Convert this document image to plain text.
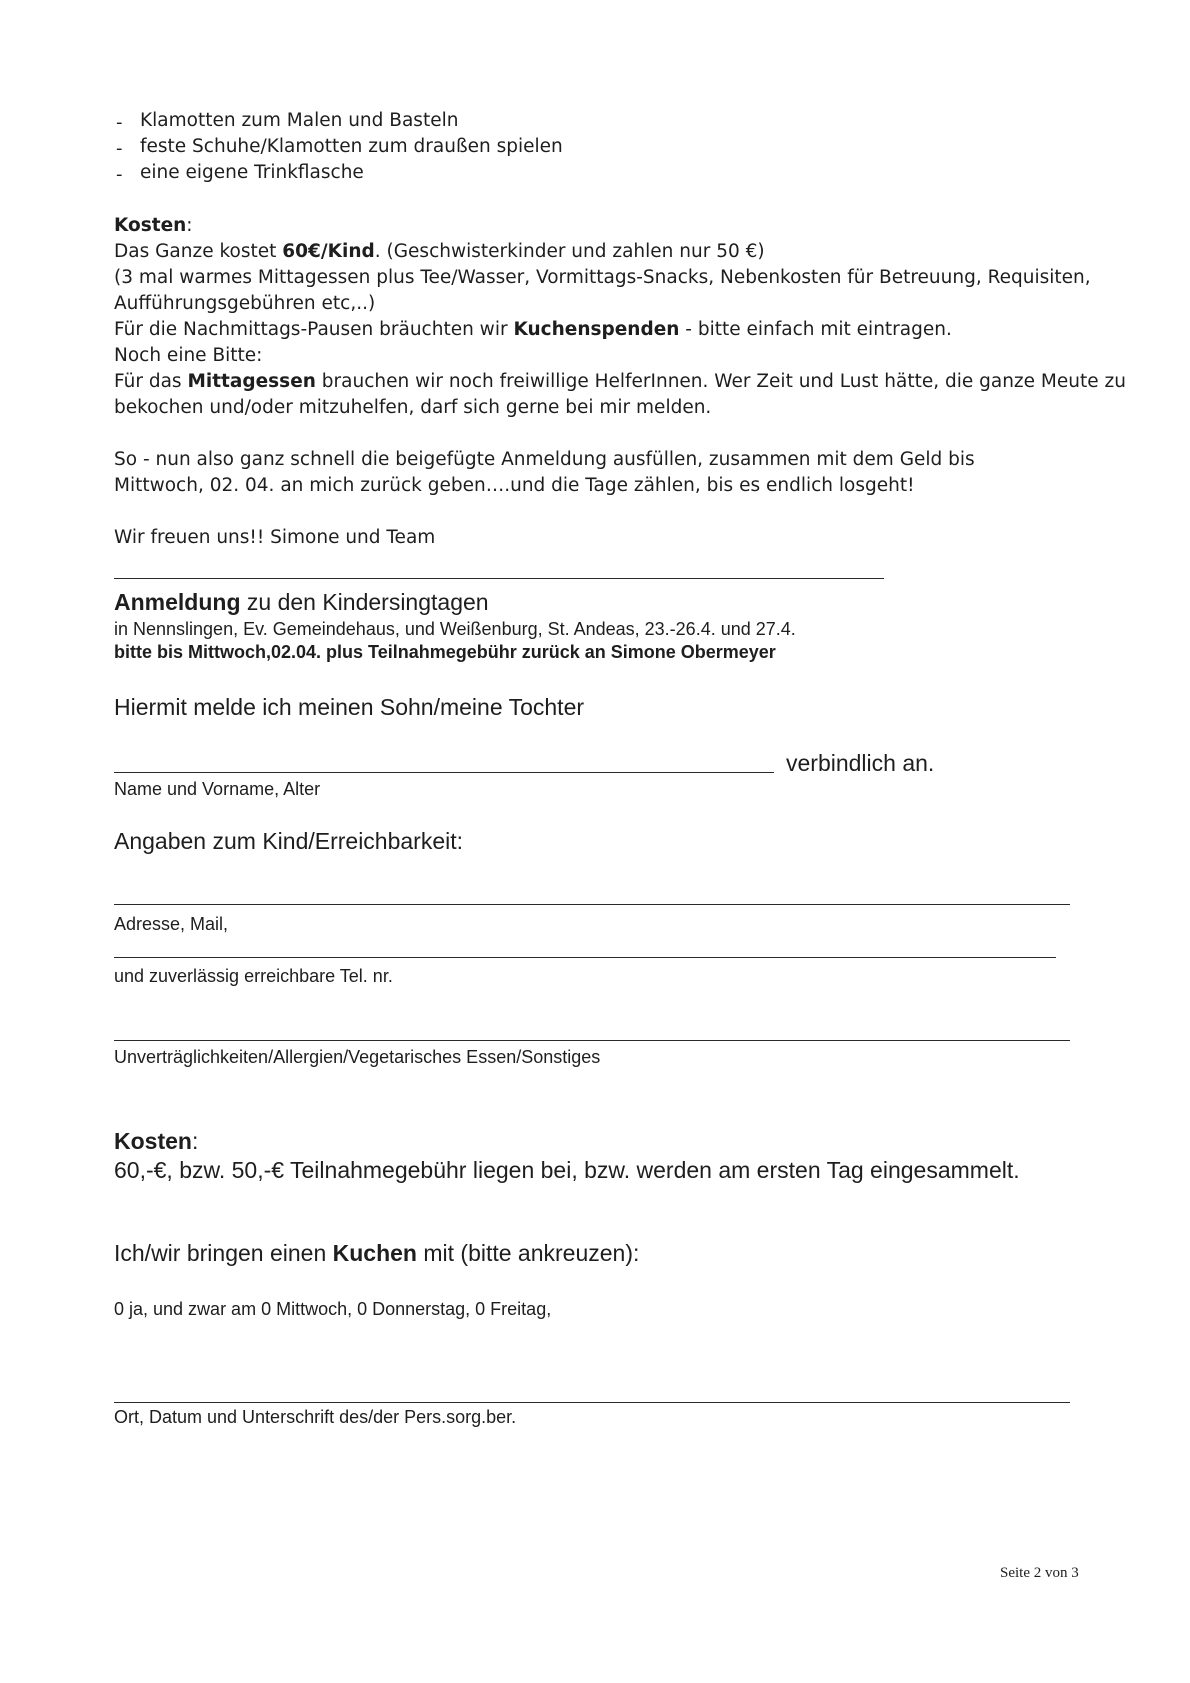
- Klamotten zum Malen und Basteln
- feste Schuhe/Klamotten zum draußen spielen
- eine eigene Trinkflasche
Kosten:
Das Ganze kostet 60€/Kind. (Geschwisterkinder und zahlen nur 50 €)
(3 mal warmes Mittagessen plus Tee/Wasser, Vormittags-Snacks, Nebenkosten für Betreuung, Requisiten,
Aufführungsgebühren etc,..)
Für die Nachmittags-Pausen bräuchten wir Kuchenspenden - bitte einfach mit eintragen.
Noch eine Bitte:
Für das Mittagessen brauchen wir noch freiwillige HelferInnen. Wer Zeit und Lust hätte, die ganze Meute zu
bekochen und/oder mitzuhelfen, darf sich gerne bei mir melden.
So - nun also ganz schnell die beigefügte Anmeldung ausfüllen, zusammen mit dem Geld bis
Mittwoch, 02. 04. an mich zurück geben….und die Tage zählen, bis es endlich losgeht!
Wir freuen uns!! Simone und Team
Anmeldung zu den Kindersingtagen
in Nennslingen, Ev. Gemeindehaus, und Weißenburg, St. Andeas, 23.-26.4. und 27.4.
bitte bis Mittwoch,02.04. plus Teilnahmegebühr zurück an Simone Obermeyer
Hiermit melde ich meinen Sohn/meine Tochter
verbindlich an.
Name und Vorname, Alter
Angaben zum Kind/Erreichbarkeit:
Adresse, Mail,
und zuverlässig erreichbare Tel. nr.
Unverträglichkeiten/Allergien/Vegetarisches Essen/Sonstiges
Kosten:
60,-€, bzw. 50,-€ Teilnahmegebühr liegen bei, bzw. werden am ersten Tag eingesammelt.
Ich/wir bringen einen Kuchen mit (bitte ankreuzen):
0 ja, und zwar am 0 Mittwoch, 0 Donnerstag, 0 Freitag,
Ort, Datum und Unterschrift des/der Pers.sorg.ber.
Seite 2 von 3
